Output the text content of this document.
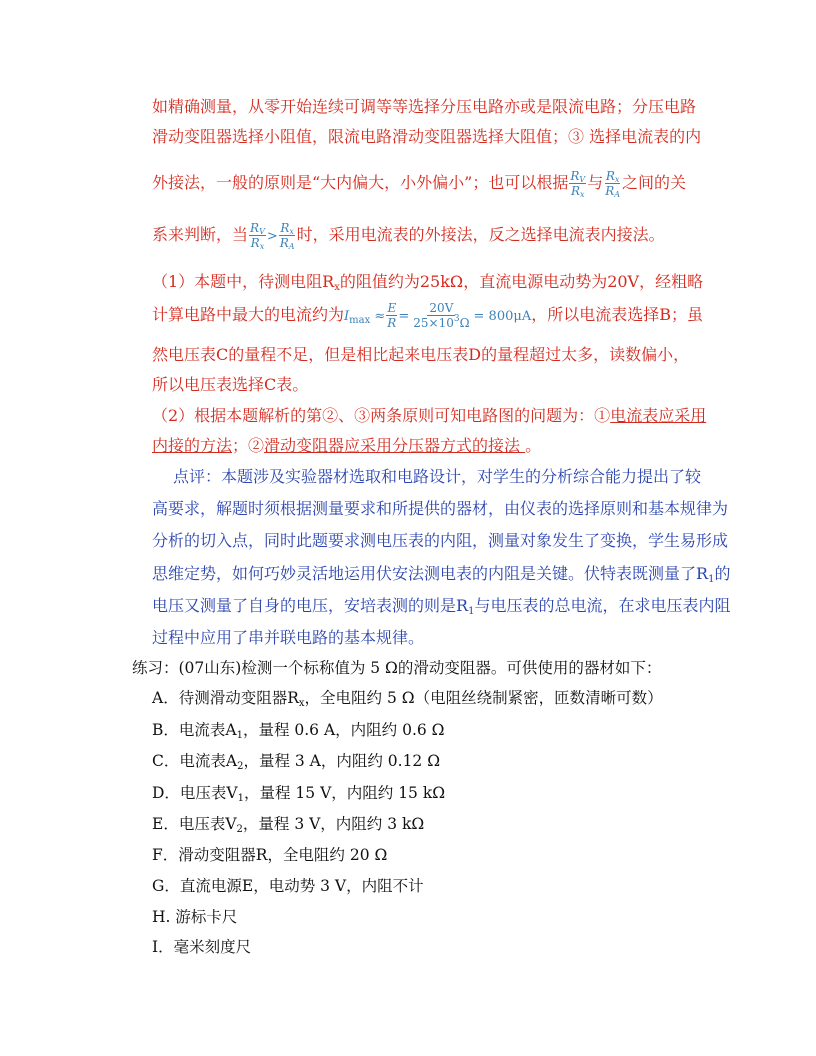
如精确测量，从零开始连续可调等等选择分压电路亦或是限流电路；分压电路
滑动变阻器选择小阻值，限流电路滑动变阻器选择大阻值；③ 选择电流表的内
外接法，一般的原则是“大内偏大，小外偏小”；也可以根据 $\frac{R_V}{R_x}$ 与 $\frac{R_x}{R_A}$ 之间的关
系来判断，当 $\frac{R_V}{R_x} > \frac{R_x}{R_A}$ 时，采用电流表的外接法，反之选择电流表内接法。
（1）本题中，待测电阻$R_x$的阻值约为25kΩ，直流电源电动势为20V，经粗略
计算电路中最大的电流约为$I_{max} \approx \frac{E}{R} = \frac{20V}{25\times 10^3\Omega} = 800\mu A$，所以电流表选择B；虽
然电压表C的量程不足，但是相比起来电压表D的量程超过太多，读数偏小，
所以电压表选择C表。
（2）根据本题解析的第②、③两条原则可知电路图的问题为：①电流表应采用
内接的方法；②滑动变阻器应采用分压器方式的接法 。
点评：本题涉及实验器材选取和电路设计，对学生的分析综合能力提出了较
高要求，解题时须根据测量要求和所提供的器材，由仪表的选择原则和基本规律为
分析的切入点，同时此题要求测电压表的内阻，测量对象发生了变换，学生易形成
思维定势，如何巧妙灵活地运用伏安法测电表的内阻是关键。伏特表既测量了$R_1$的
电压又测量了自身的电压，安培表测的则是$R_1$与电压表的总电流，在求电压表内阻
过程中应用了串并联电路的基本规律。
练习：(07山东)检测一个标称值为 5 Ω的滑动变阻器。可供使用的器材如下：
A．待测滑动变阻器$R_x$，全电阻约 5 Ω（电阻丝绕制紧密，匝数清晰可数）
B．电流表$A_1$，量程 0.6 A，内阻约 0.6 Ω
C．电流表$A_2$，量程 3 A，内阻约 0.12 Ω
D．电压表$V_1$，量程 15 V，内阻约 15 kΩ
E．电压表$V_2$，量程 3 V，内阻约 3 kΩ
F．滑动变阻器R，全电阻约 20 Ω
G．直流电源E，电动势 3 V，内阻不计
H. 游标卡尺
I．毫米刻度尺
